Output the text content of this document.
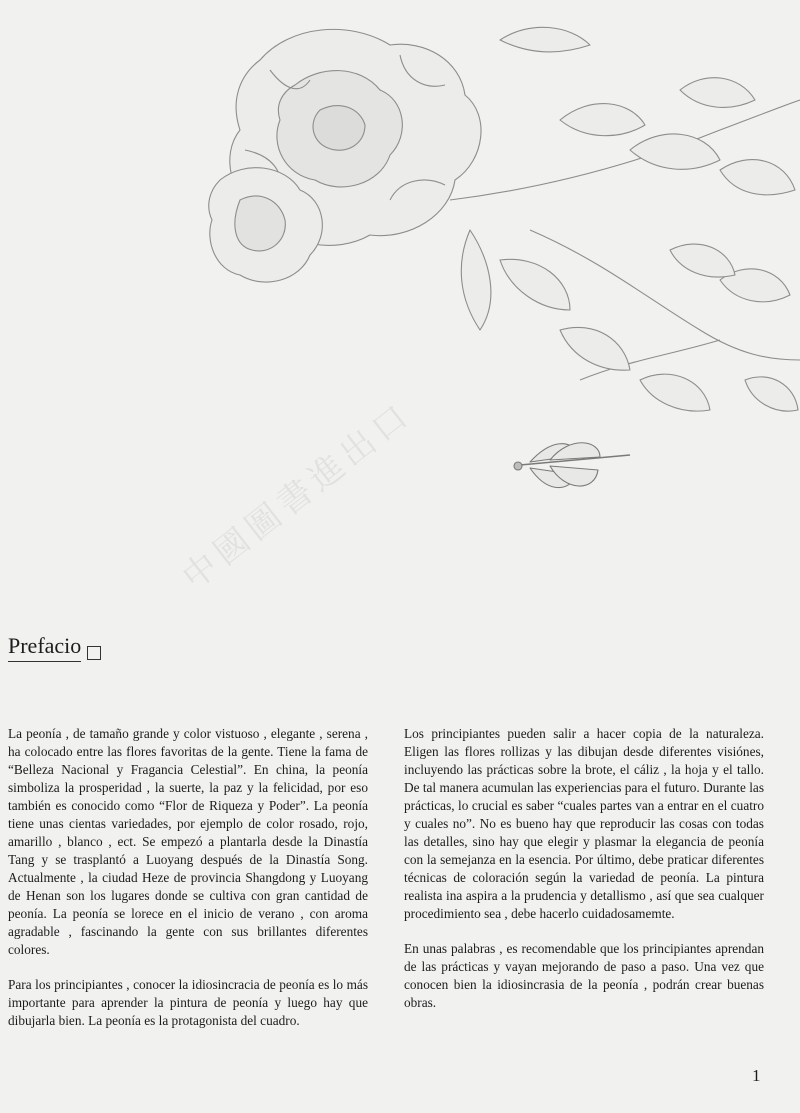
中國圖書進出口
Prefacio

La peonía , de tamaño grande y color vistuoso , elegante , serena , ha colocado entre las flores favoritas de la gente. Tiene la fama de “Belleza Nacional y Fragancia Celestial”. En china, la peonía simboliza la prosperidad , la suerte, la paz y la felicidad, por eso también es conocido como “Flor de Riqueza y Poder”. La peonía tiene unas cientas variedades, por ejemplo de color rosado, rojo, amarillo , blanco , ect. Se empezó a plantarla desde la Dinastía Tang y se trasplantó a Luoyang después de la Dinastía Song. Actualmente , la ciudad Heze de provincia Shangdong y Luoyang de Henan son los lugares donde se cultiva con gran cantidad de peonía. La peonía se lorece en el inicio de verano , con aroma agradable , fascinando la gente con sus brillantes diferentes colores.

Para los principiantes , conocer la idiosincracia de peonía es lo más importante para aprender la pintura de peonía y luego hay que dibujarla bien. La peonía es la protagonista del cuadro.

Los principiantes pueden salir a hacer copia de la naturaleza. Eligen las flores rollizas y las dibujan desde diferentes visiónes, incluyendo las prácticas sobre la brote, el cáliz , la hoja y el tallo. De tal manera acumulan las experiencias para el futuro. Durante las prácticas, lo crucial es saber “cuales partes van a entrar en el cuatro y cuales no”. No es bueno hay que reproducir las cosas con todas las detalles, sino hay que elegir y plasmar la elegancia de peonía con la semejanza en la esencia. Por último, debe praticar diferentes técnicas de coloración según la variedad de peonía. La pintura realista ina aspira a la prudencia y detallismo , así que sea cualquer procedimiento sea , debe hacerlo cuidadosamemte.

En unas palabras , es recomendable que los principiantes aprendan de las prácticas y vayan mejorando de paso a paso. Una vez que conocen bien la idiosincrasia de la peonía , podrán crear buenas obras.

1
